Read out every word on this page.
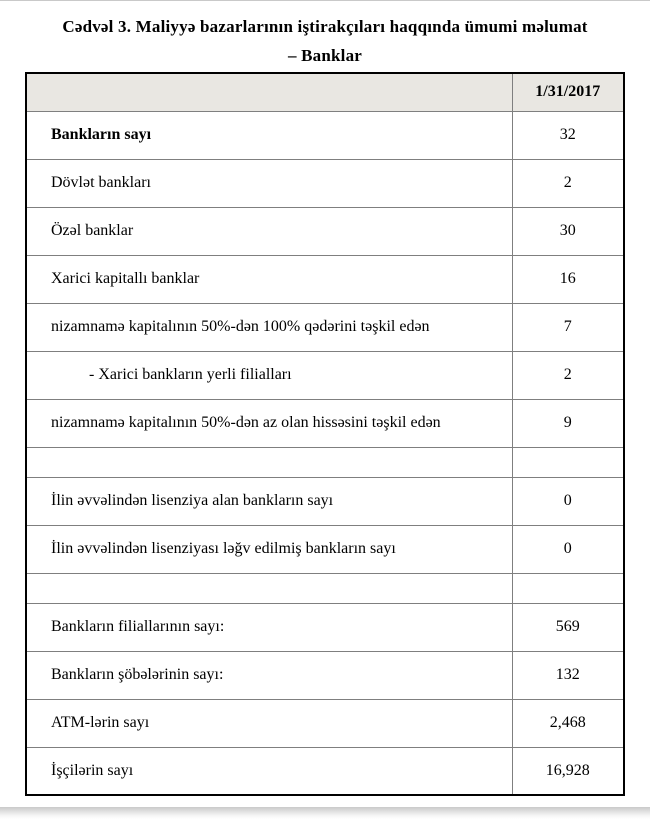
Cədvəl 3. Maliyyə bazarlarının iştirakçıları haqqında ümumi məlumat
– Banklar
	1/31/2017
Bankların sayı	32
Dövlət bankları	2
Özəl banklar	30
Xarici kapitallı banklar	16
nizamnamə kapitalının 50%-dən 100% qədərini təşkil edən	7
- Xarici bankların yerli filialları	2
nizamnamə kapitalının 50%-dən az olan hissəsini təşkil edən	9

İlin əvvəlindən lisenziya alan bankların sayı	0
İlin əvvəlindən lisenziyası ləğv edilmiş bankların sayı	0

Bankların filiallarının sayı:	569
Bankların şöbələrinin sayı:	132
ATM-lərin sayı	2,468
İşçilərin sayı	16,928
